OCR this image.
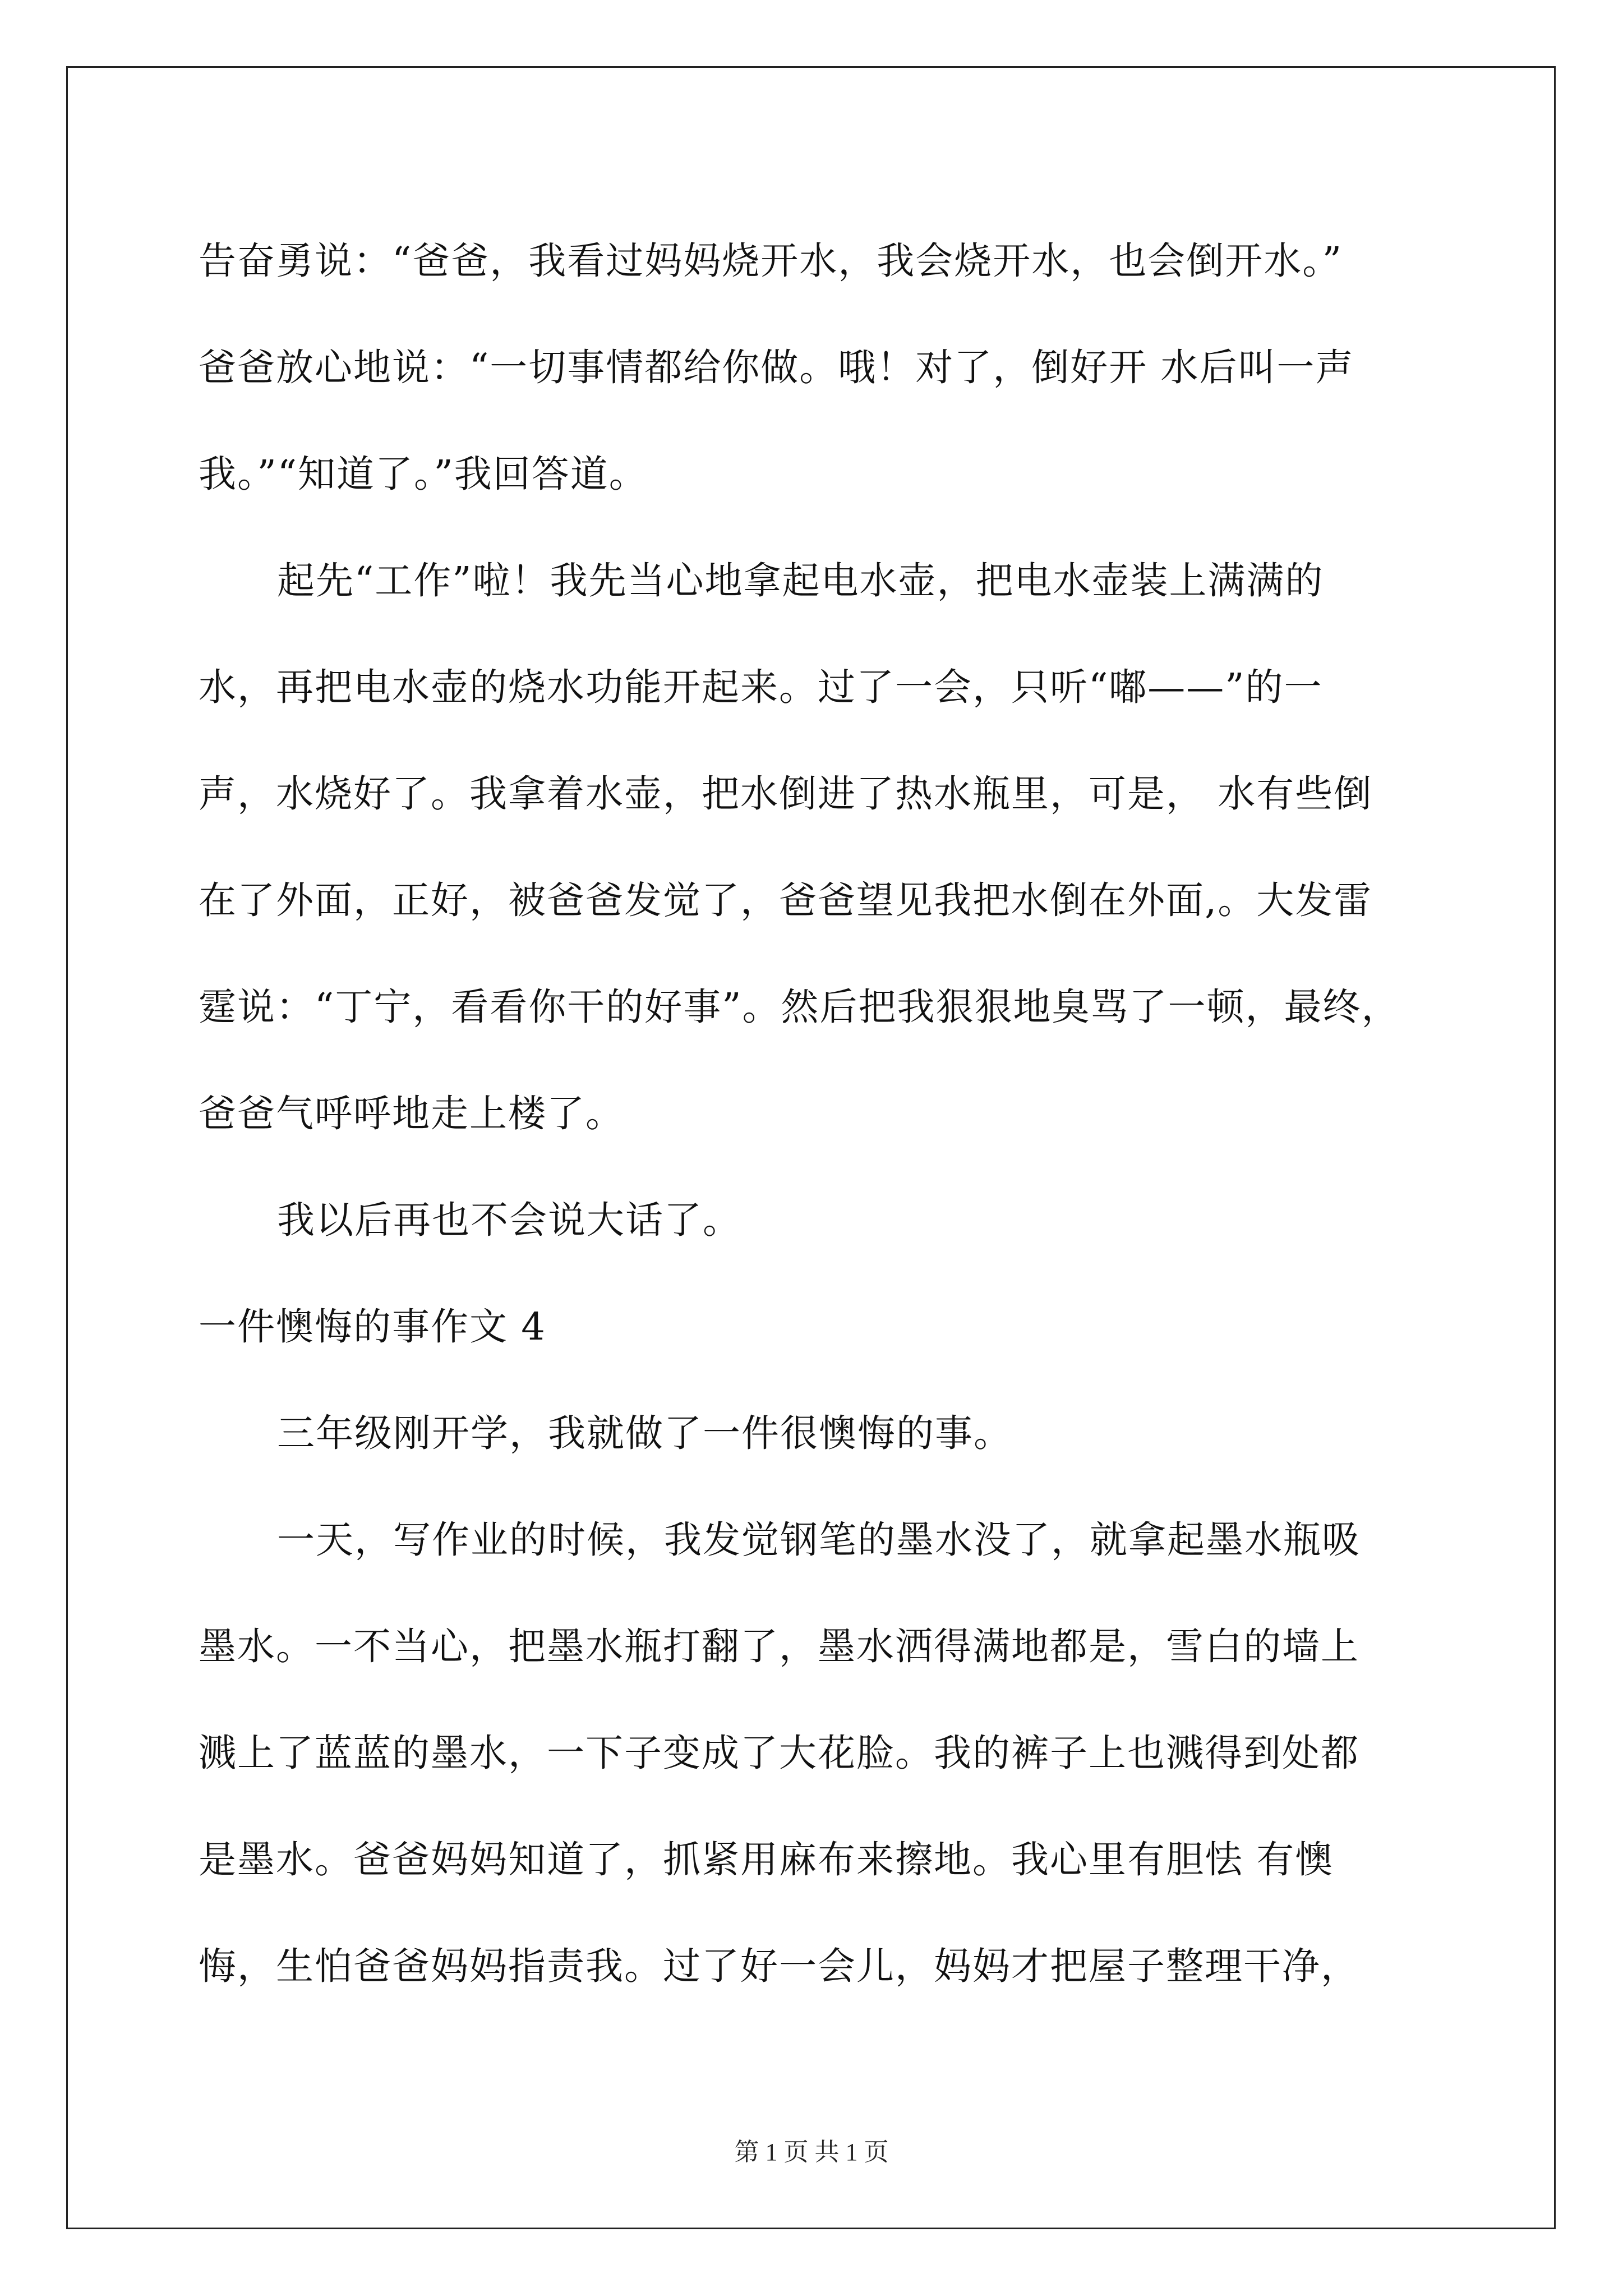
告奋勇说：“爸爸，我看过妈妈烧开水，我会烧开水，也会倒开水。”
爸爸放心地说：“一切事情都给你做。哦！对了，倒好开 水后叫一声
我。”“知道了。”我回答道。
起先“工作”啦！我先当心地拿起电水壶，把电水壶装上满满的
水，再把电水壶的烧水功能开起来。过了一会，只听“嘟——”的一
声，水烧好了。我拿着水壶，把水倒进了热水瓶里，可是， 水有些倒
在了外面，正好，被爸爸发觉了，爸爸望见我把水倒在外面,。大发雷
霆说：“丁宁，看看你干的好事”。然后把我狠狠地臭骂了一顿，最终，
爸爸气呼呼地走上楼了。
我以后再也不会说大话了。
一件懊悔的事作文 4
三年级刚开学，我就做了一件很懊悔的事。
一天，写作业的时候，我发觉钢笔的墨水没了，就拿起墨水瓶吸
墨水。一不当心，把墨水瓶打翻了，墨水洒得满地都是，雪白的墙上
溅上了蓝蓝的墨水，一下子变成了大花脸。我的裤子上也溅得到处都
是墨水。爸爸妈妈知道了，抓紧用麻布来擦地。我心里有胆怯 有懊
悔，生怕爸爸妈妈指责我。过了好一会儿，妈妈才把屋子整理干净，
第 1 页 共 1 页
